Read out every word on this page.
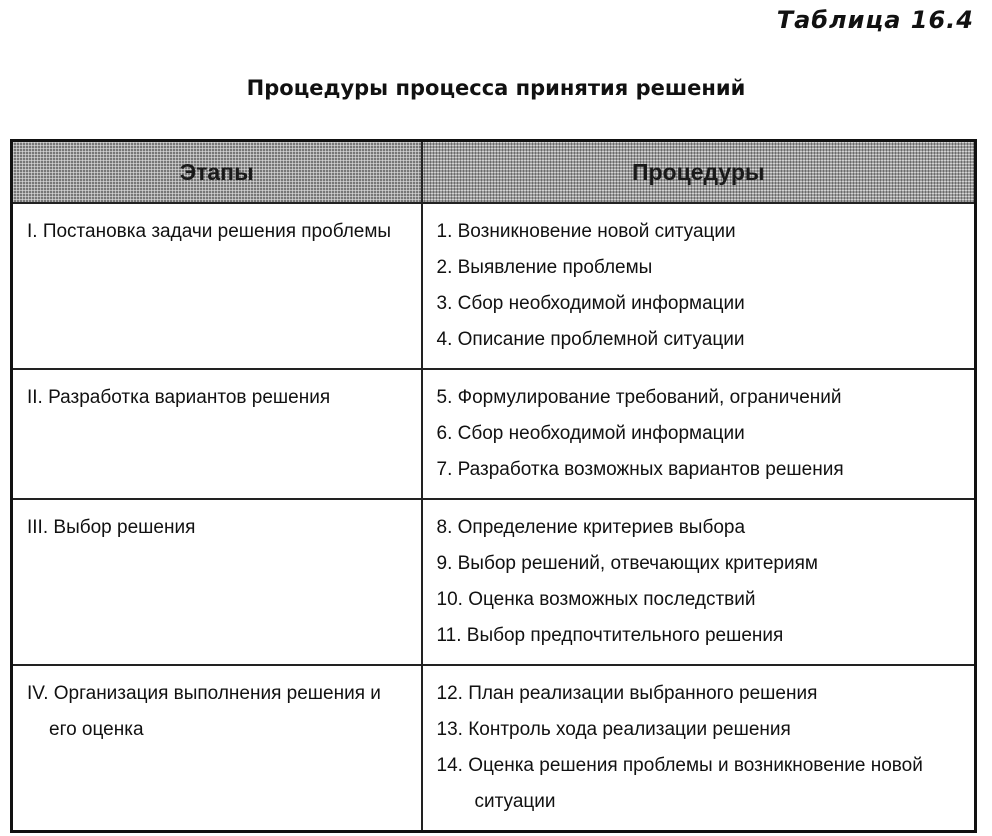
Таблица 16.4
Процедуры процесса принятия решений
Этапы	Процедуры

I. Постановка задачи решения проблемы	1. Возникновение новой ситуации
2. Выявление проблемы
3. Сбор необходимой информации
4. Описание проблемной ситуации

II. Разработка вариантов решения	5. Формулирование требований, ограничений
6. Сбор необходимой информации
7. Разработка возможных вариантов решения

III. Выбор решения	8. Определение критериев выбора
9. Выбор решений, отвечающих критериям
10. Оценка возможных последствий
11. Выбор предпочтительного решения

IV. Организация выполнения решения и его оценка	12. План реализации выбранного решения
13. Контроль хода реализации решения
14. Оценка решения проблемы и возникновение новой ситуации
